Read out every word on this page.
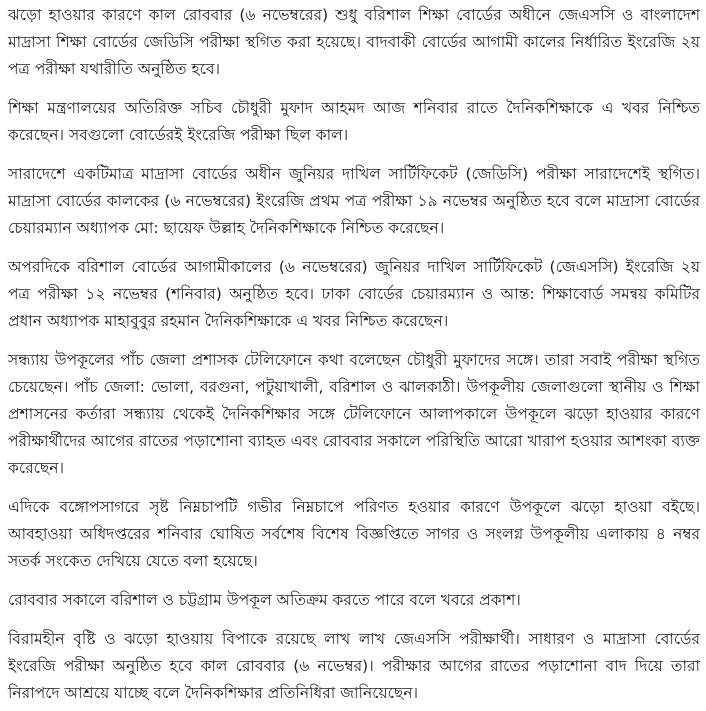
ঝড়ো হাওয়ার কারণে কাল রোববার (৬ নভেম্বরের) শুধু বরিশাল শিক্ষা বোর্ডের অধীনে জেএসসি ও বাংলাদেশ মাদ্রাসা শিক্ষা বোর্ডের জেডিসি পরীক্ষা স্থগিত করা হয়েছে। বাদবাকী বোর্ডের আগামী কালের নির্ধারিত ইংরেজি ২য় পত্র পরীক্ষা যথারীতি অনুষ্ঠিত হবে।

শিক্ষা মন্ত্রণালয়ের অতিরিক্ত সচিব চৌধুরী মুফাদ আহমদ আজ শনিবার রাতে দৈনিকশিক্ষাকে এ খবর নিশ্চিত করেছেন। সবগুলো বোর্ডেরই ইংরেজি পরীক্ষা ছিল কাল।

সারাদেশে একটিমাত্র মাদ্রাসা বোর্ডের অধীন জুনিয়র দাখিল সার্টিফিকেট (জেডিসি) পরীক্ষা সারাদেশেই স্থগিত। মাদ্রাসা বোর্ডের কালকের (৬ নভেম্বরের) ইংরেজি প্রথম পত্র পরীক্ষা ১৯ নভেম্বর অনুষ্ঠিত হবে বলে মাদ্রাসা বোর্ডের চেয়ারম্যান অধ্যাপক মো: ছায়েফ উল্লাহ দৈনিকশিক্ষাকে নিশ্চিত করেছেন।

অপরদিকে বরিশাল বোর্ডের আগামীকালের (৬ নভেম্বরের) জুনিয়র দাখিল সার্টিফিকেট (জেএসসি) ইংরেজি ২য় পত্র পরীক্ষা ১২ নভেম্বর (শনিবার) অনুষ্ঠিত হবে। ঢাকা বোর্ডের চেয়ারম্যান ও আন্ত: শিক্ষাবোর্ড সমন্বয় কমিটির প্রধান অধ্যাপক মাহাবুবুর রহমান দৈনিকশিক্ষাকে এ খবর নিশ্চিত করেছেন।

সন্ধ্যায় উপকূলের পাঁচ জেলা প্রশাসক টেলিফোনে কথা বলেছেন চৌধুরী মুফাদের সঙ্গে। তারা সবাই পরীক্ষা স্থগিত চেয়েছেন। পাঁচ জেলা: ভোলা, বরগুনা, পটুয়াখালী, বরিশাল ও ঝালকাঠী। উপকূলীয় জেলাগুলো স্থানীয় ও শিক্ষা প্রশাসনের কর্তারা সন্ধ্যায় থেকেই দৈনিকশিক্ষার সঙ্গে টেলিফোনে আলাপকালে উপকূলে ঝড়ো হাওয়ার কারণে পরীক্ষার্থীদের আগের রাতের পড়াশোনা ব্যাহত এবং রোববার সকালে পরিস্থিতি আরো খারাপ হওয়ার আশংকা ব্যক্ত করেছেন।

এদিকে বঙ্গোপসাগরে সৃষ্ট নিম্নচাপটি গভীর নিম্নচাপে পরিণত হওয়ার কারণে উপকূলে ঝড়ো হাওয়া বইছে। আবহাওয়া অধিদপ্তরের শনিবার ঘোষিত সর্বশেষ বিশেষ বিজ্ঞপ্তিতে সাগর ও সংলগ্ন উপকূলীয় এলাকায় ৪ নম্বর সতর্ক সংকেত দেখিয়ে যেতে বলা হয়েছে।

রোববার সকালে বরিশাল ও চট্টগ্রাম উপকূল অতিক্রম করতে পারে বলে খবরে প্রকাশ।

বিরামহীন বৃষ্টি ও ঝড়ো হাওয়ায় বিপাকে রয়েছে লাখ লাখ জেএসসি পরীক্ষার্থী। সাধারণ ও মাদ্রাসা বোর্ডের ইংরেজি পরীক্ষা অনুষ্ঠিত হবে কাল রোববার (৬ নভেম্বর)। পরীক্ষার আগের রাতের পড়াশোনা বাদ দিয়ে তারা নিরাপদে আশ্রয়ে যাচ্ছে বলে দৈনিকশিক্ষার প্রতিনিধিরা জানিয়েছেন।
